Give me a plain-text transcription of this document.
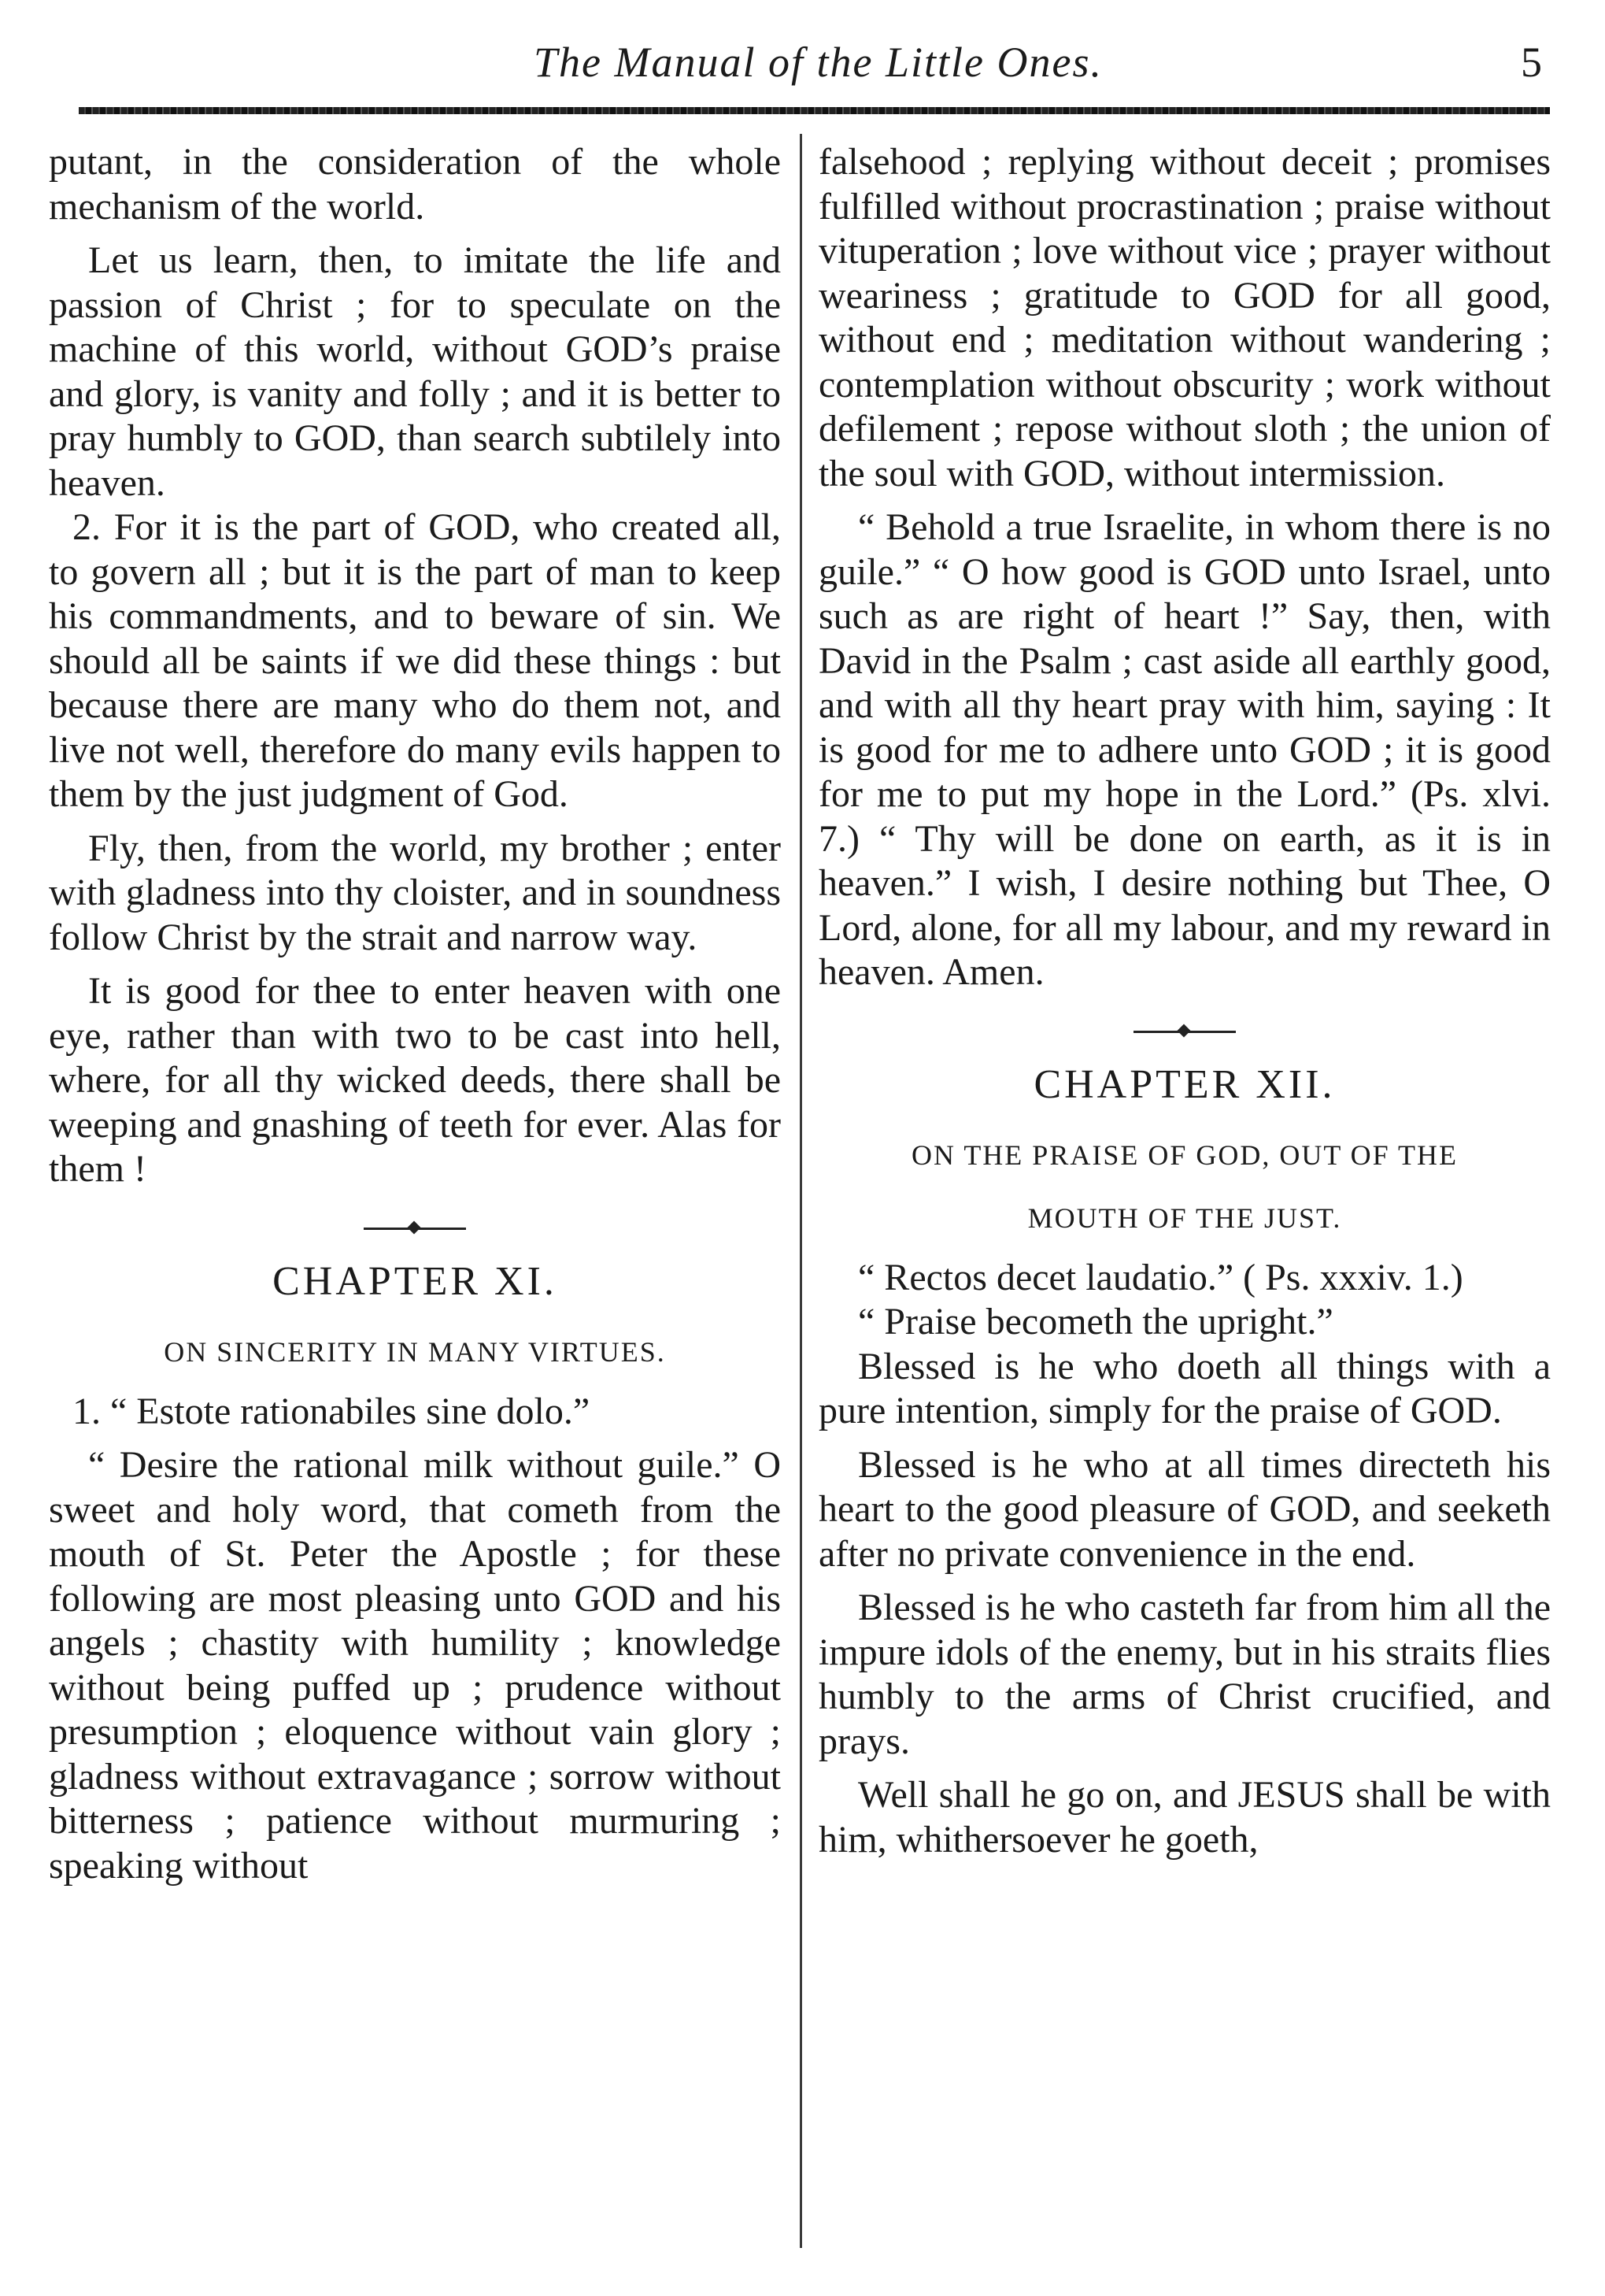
The Manual of the Little Ones.	5

putant, in the consideration of the whole mechanism of the world.

Let us learn, then, to imitate the life and passion of Christ ; for to speculate on the machine of this world, without GOD’s praise and glory, is vanity and folly ; and it is better to pray humbly to GOD, than search subtilely into heaven.

2. For it is the part of GOD, who created all, to govern all ; but it is the part of man to keep his commandments, and to beware of sin. We should all be saints if we did these things : but because there are many who do them not, and live not well, therefore do many evils happen to them by the just judgment of God.

Fly, then, from the world, my brother ; enter with gladness into thy cloister, and in soundness follow Christ by the strait and narrow way.

It is good for thee to enter heaven with one eye, rather than with two to be cast into hell, where, for all thy wicked deeds, there shall be weeping and gnashing of teeth for ever. Alas for them !

CHAPTER XI.
ON SINCERITY IN MANY VIRTUES.

1. “ Estote rationabiles sine dolo.”

“ Desire the rational milk without guile.” O sweet and holy word, that cometh from the mouth of St. Peter the Apostle ; for these following are most pleasing unto GOD and his angels ; chastity with humility ; knowledge without being puffed up ; prudence without presumption ; eloquence without vain glory ; gladness without extravagance ; sorrow without bitterness ; patience without murmuring ; speaking without

falsehood ; replying without deceit ; promises fulfilled without procrastination ; praise without vituperation ; love without vice ; prayer without weariness ; gratitude to GOD for all good, without end ; meditation without wandering ; contemplation without obscurity ; work without defilement ; repose without sloth ; the union of the soul with GOD, without intermission.

“ Behold a true Israelite, in whom there is no guile.” “ O how good is GOD unto Israel, unto such as are right of heart !” Say, then, with David in the Psalm ; cast aside all earthly good, and with all thy heart pray with him, saying : It is good for me to adhere unto GOD ; it is good for me to put my hope in the Lord.” (Ps. xlvi. 7.) “ Thy will be done on earth, as it is in heaven.” I wish, I desire nothing but Thee, O Lord, alone, for all my labour, and my reward in heaven. Amen.

CHAPTER XII.
ON THE PRAISE OF GOD, OUT OF THE
MOUTH OF THE JUST.

“ Rectos decet laudatio.” ( Ps. xxxiv. 1.)

“ Praise becometh the upright.”

Blessed is he who doeth all things with a pure intention, simply for the praise of GOD.

Blessed is he who at all times directeth his heart to the good pleasure of GOD, and seeketh after no private convenience in the end.

Blessed is he who casteth far from him all the impure idols of the enemy, but in his straits flies humbly to the arms of Christ crucified, and prays.

Well shall he go on, and JESUS shall be with him, whithersoever he goeth,
